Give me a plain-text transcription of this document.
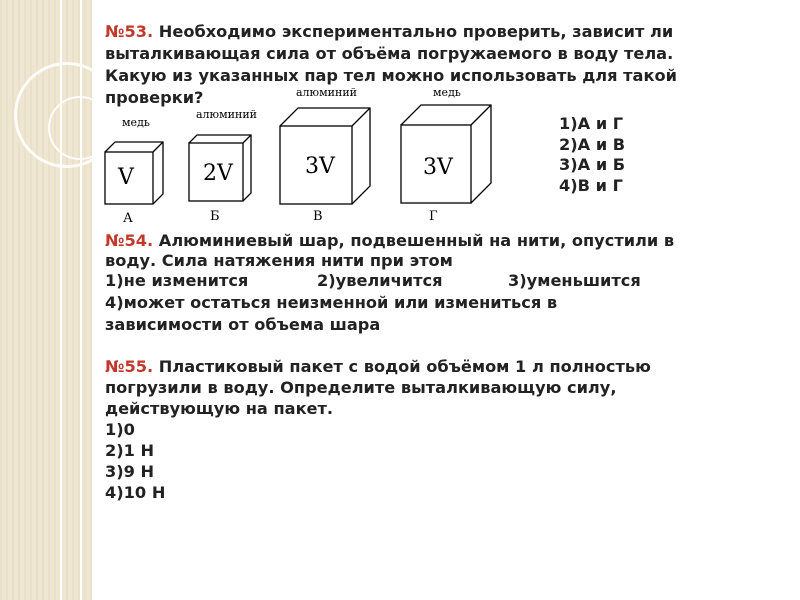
№53. Необходимо экспериментально проверить, зависит ли
выталкивающая сила от объёма погружаемого в воду тела.
Какую из указанных пар тел можно использовать для такой
проверки?
№54. Алюминиевый шар, подвешенный на нити, опустили в
воду. Сила натяжения нити при этом
1)не изменится	2)увеличится	3)уменьшится
4)может остаться неизменной или измениться в
зависимости от объема шара
№55. Пластиковый пакет с водой объёмом 1 л полностью
погрузили в воду. Определите выталкивающую силу,
действующую на пакет.
1)0
2)1 Н
3)9 Н
4)10 Н
1)А и Г
2)А и В
3)А и Б
4)В и Г
медь
алюминий
алюминий	медь
V	2V	3V	3V
А	Б	В	Г
